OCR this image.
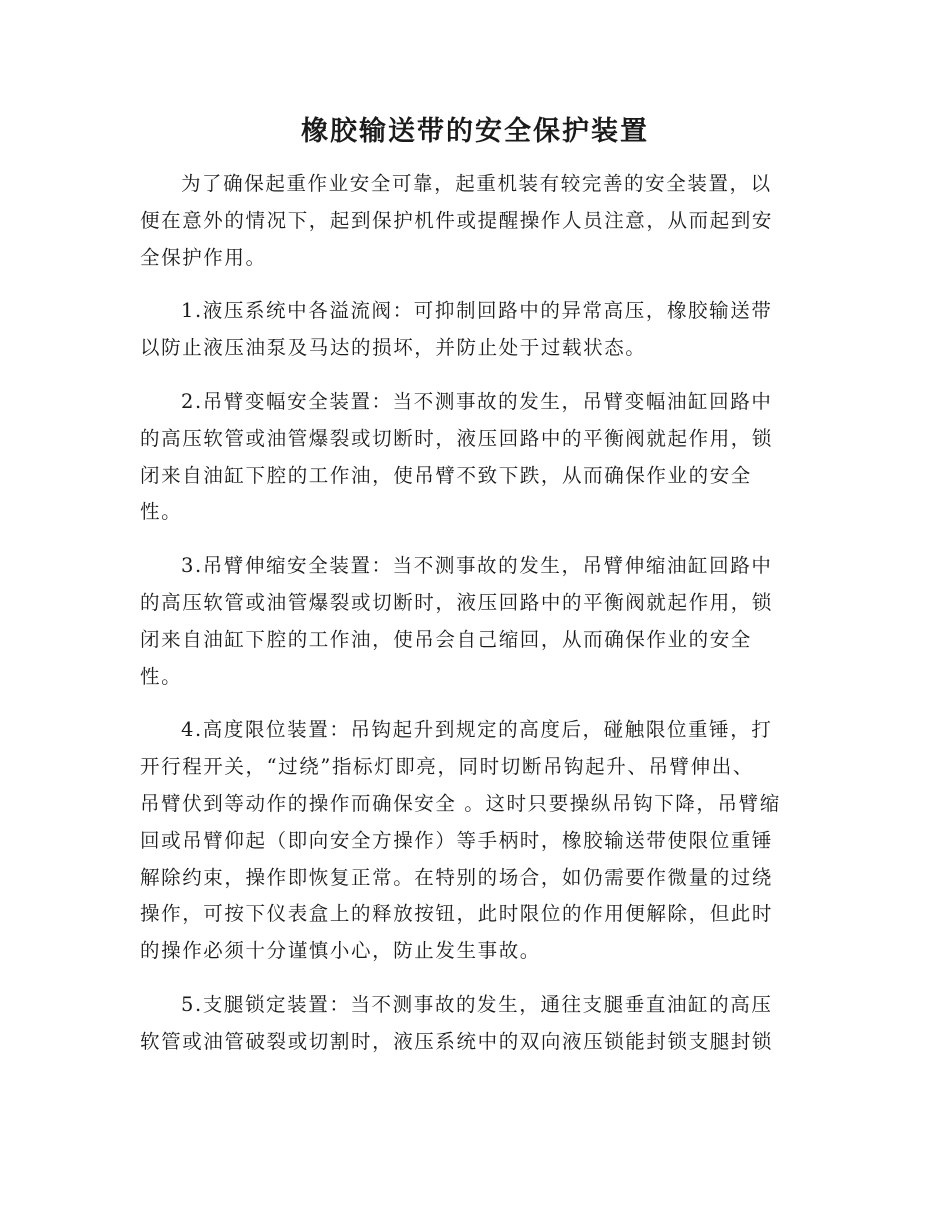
橡胶输送带的安全保护装置

为了确保起重作业安全可靠，起重机装有较完善的安全装置，以
便在意外的情况下，起到保护机件或提醒操作人员注意，从而起到安
全保护作用。

1.液压系统中各溢流阀：可抑制回路中的异常高压，橡胶输送带
以防止液压油泵及马达的损坏，并防止处于过载状态。

2.吊臂变幅安全装置：当不测事故的发生，吊臂变幅油缸回路中
的高压软管或油管爆裂或切断时，液压回路中的平衡阀就起作用，锁
闭来自油缸下腔的工作油，使吊臂不致下跌，从而确保作业的安全
性。

3.吊臂伸缩安全装置：当不测事故的发生，吊臂伸缩油缸回路中
的高压软管或油管爆裂或切断时，液压回路中的平衡阀就起作用，锁
闭来自油缸下腔的工作油，使吊会自己缩回，从而确保作业的安全
性。

4.高度限位装置：吊钩起升到规定的高度后，碰触限位重锤，打
开行程开关，“过绕”指标灯即亮，同时切断吊钩起升、吊臂伸出、
吊臂伏到等动作的操作而确保安全 。这时只要操纵吊钩下降，吊臂缩
回或吊臂仰起（即向安全方操作）等手柄时，橡胶输送带使限位重锤
解除约束，操作即恢复正常。在特别的场合，如仍需要作微量的过绕
操作，可按下仪表盒上的释放按钮，此时限位的作用便解除，但此时
的操作必须十分谨慎小心，防止发生事故。

5.支腿锁定装置：当不测事故的发生，通往支腿垂直油缸的高压
软管或油管破裂或切割时，液压系统中的双向液压锁能封锁支腿封锁
